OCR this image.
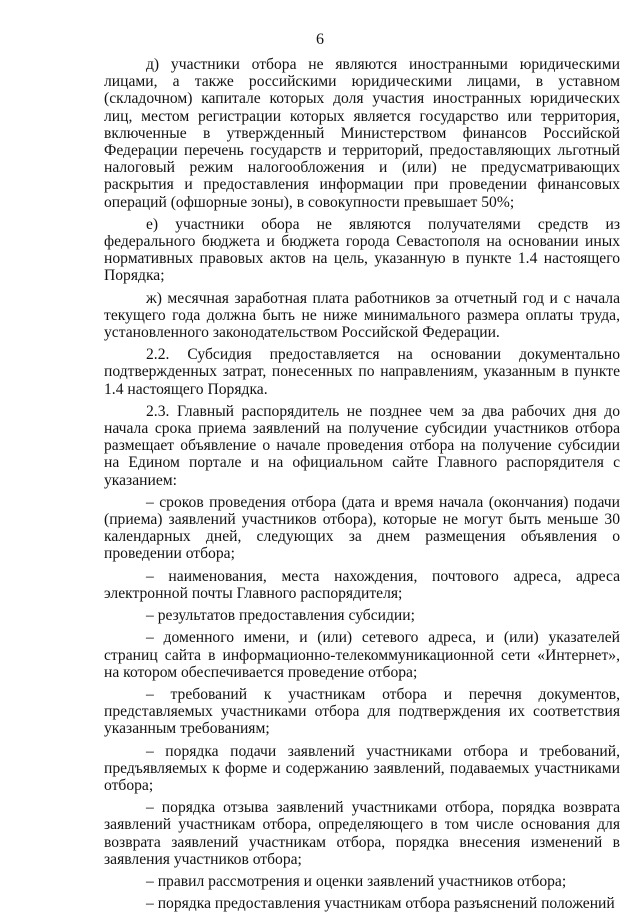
6

д) участники отбора не являются иностранными юридическими лицами, а также российскими юридическими лицами, в уставном (складочном) капитале которых доля участия иностранных юридических лиц, местом регистрации которых является государство или территория, включенные в утвержденный Министерством финансов Российской Федерации перечень государств и территорий, предоставляющих льготный налоговый режим налогообложения и (или) не предусматривающих раскрытия и предоставления информации при проведении финансовых операций (офшорные зоны), в совокупности превышает 50%;

е) участники обора не являются получателями средств из федерального бюджета и бюджета города Севастополя на основании иных нормативных правовых актов на цель, указанную в пункте 1.4 настоящего Порядка;

ж) месячная заработная плата работников за отчетный год и с начала текущего года должна быть не ниже минимального размера оплаты труда, установленного законодательством Российской Федерации.

2.2. Субсидия предоставляется на основании документально подтвержденных затрат, понесенных по направлениям, указанным в пункте 1.4 настоящего Порядка.

2.3. Главный распорядитель не позднее чем за два рабочих дня до начала срока приема заявлений на получение субсидии участников отбора размещает объявление о начале проведения отбора на получение субсидии на Едином портале и на официальном сайте Главного распорядителя с указанием:

– сроков проведения отбора (дата и время начала (окончания) подачи (приема) заявлений участников отбора), которые не могут быть меньше 30 календарных дней, следующих за днем размещения объявления о проведении отбора;

– наименования, места нахождения, почтового адреса, адреса электронной почты Главного распорядителя;

– результатов предоставления субсидии;

– доменного имени, и (или) сетевого адреса, и (или) указателей страниц сайта в информационно-телекоммуникационной сети «Интернет», на котором обеспечивается проведение отбора;

– требований к участникам отбора и перечня документов, представляемых участниками отбора для подтверждения их соответствия указанным требованиям;

– порядка подачи заявлений участниками отбора и требований, предъявляемых к форме и содержанию заявлений, подаваемых участниками отбора;

– порядка отзыва заявлений участниками отбора, порядка возврата заявлений участникам отбора, определяющего в том числе основания для возврата заявлений участникам отбора, порядка внесения изменений в заявления участников отбора;

– правил рассмотрения и оценки заявлений участников отбора;

– порядка предоставления участникам отбора разъяснений положений
